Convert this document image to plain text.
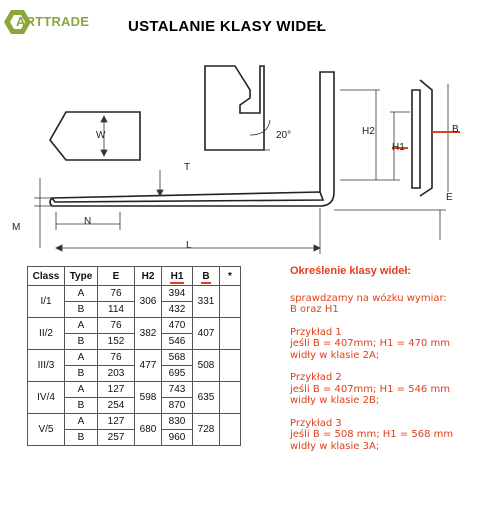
ARTTRADE	USTALANIE KLASY WIDEŁ
W
T
N
L
M
20°	H2
H1
B
E
Class	Type	E	H2	H1	B	*
I/1	A	76	306	394	331	
	B	114		432		
II/2	A	76	382	470	407	
	B	152		546		
III/3	A	76	477	568	508	
	B	203		695		
IV/4	A	127	598	743	635	
	B	254		870		
V/5	A	127	680	830	728	
	B	257		960		

Określenie klasy wideł:

sprawdzamy na wózku wymiar:
B oraz H1

Przykład 1
jeśli B = 407mm; H1 = 470 mm
widły w klasie 2A;

Przykład 2
jeśli B = 407mm; H1 = 546 mm
widły w klasie 2B;

Przykład 3
jeśli B = 508 mm; H1 = 568 mm
widły w klasie 3A;
